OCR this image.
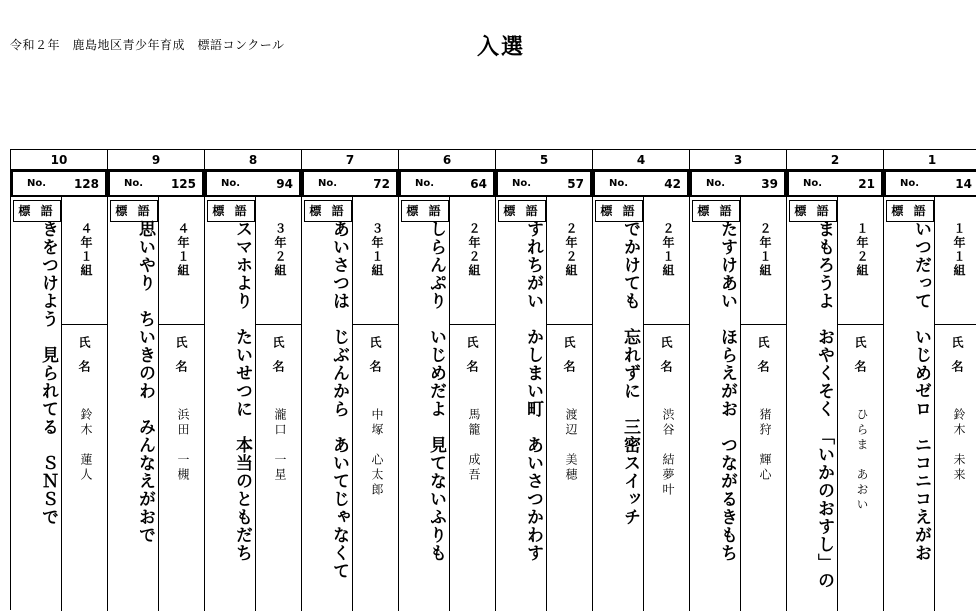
令和２年　鹿島地区青少年育成　標語コンクール	入選
10
No. 128
標 語
きをつけよう　見られてる　ＳＮＳで ４年１組
氏名
鈴木　蓮人
9
No. 125
標 語
思いやり　ちいきのわ　みんなえがおで ４年１組
氏名
浜田　一槻
8
No.	94
標 語
スマホより　たいせつに　本当のともだち ３年２組
氏名
瀧口　一星
7
No.	72
標 語
あいさつは　じぶんから　あいてじゃなくて ３年１組
氏名
中塚　心太郎
6
No.	64
標 語
しらんぷり　いじめだよ　見てないふりも ２年２組
氏名
馬籠　成吾
5
No.	57
標 語
すれちがい　かしまい町　あいさつかわす ２年２組
氏名
渡辺　美穂
4
No.	42
標 語
でかけても　忘れずに　三密スイッチ ２年１組
氏名
渋谷　結夢叶
3
No.	39
標 語
たすけあい　ほらえがお　つながるきもち ２年１組
氏名
猪狩　輝心
2
No.	21
標 語
まもろうよ　おやくそく　「いかのおすし」の １年２組
氏名
ひらま　あおい
1
No.	14
標 語
いつだって　いじめゼロ　ニコニコえがお １年１組
氏名
鈴木　未来
